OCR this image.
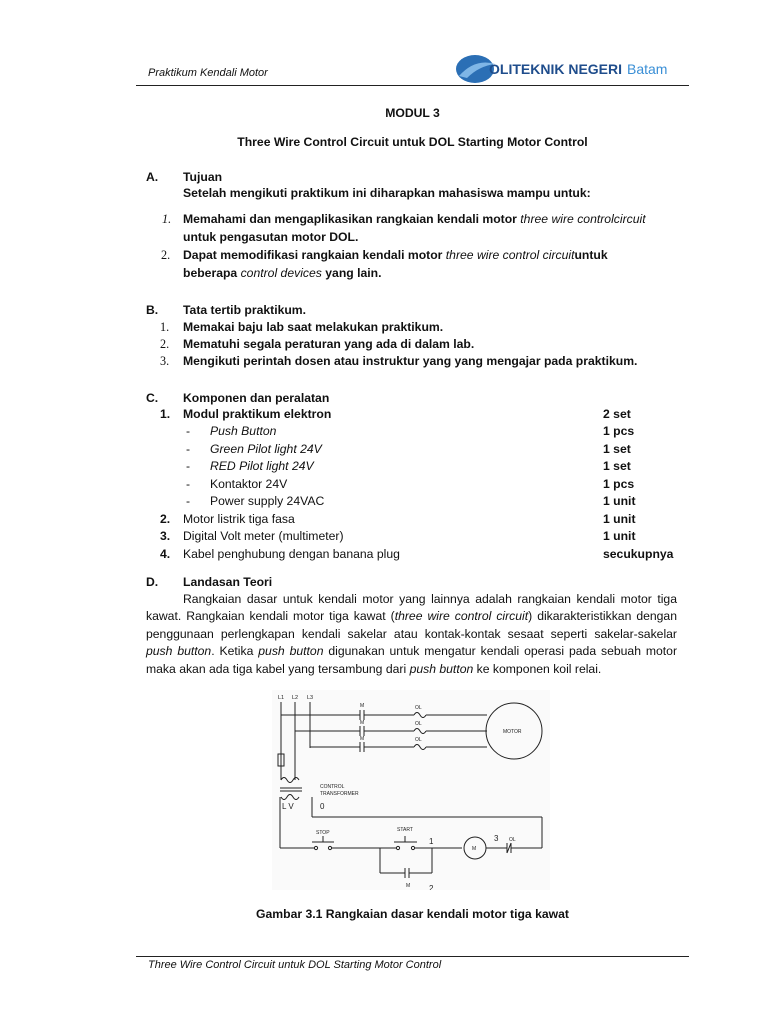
Praktikum Kendali Motor	OLITEKNIK NEGERI Batam
MODUL 3
Three Wire Control Circuit untuk DOL Starting Motor Control
A. Tujuan
Setelah mengikuti praktikum ini diharapkan mahasiswa mampu untuk:
1. Memahami dan mengaplikasikan rangkaian kendali motor three wire controlcircuit
untuk pengasutan motor DOL.
2. Dapat memodifikasi rangkaian kendali motor three wire control circuituntuk
beberapa control devices yang lain.
B. Tata tertib praktikum.
1. Memakai baju lab saat melakukan praktikum.
2. Mematuhi segala peraturan yang ada di dalam lab.
3. Mengikuti perintah dosen atau instruktur yang yang mengajar pada praktikum.
C. Komponen dan peralatan
1. Modul praktikum elektron	2 set
- Push Button	1 pcs
- Green Pilot light 24V	1 set
- RED Pilot light 24V	1 set
- Kontaktor 24V	1 pcs
- Power supply 24VAC	1 unit
2. Motor listrik tiga fasa	1 unit
3. Digital Volt meter (multimeter)	1 unit
4. Kabel penghubung dengan banana plug	secukupnya
D. Landasan Teori
Rangkaian dasar untuk kendali motor yang lainnya adalah rangkaian kendali motor tiga kawat. Rangkaian kendali motor tiga kawat (three wire control circuit) dikarakteristikkan dengan penggunaan perlengkapan kendali sakelar atau kontak-kontak sesaat seperti sakelar-sakelar push button. Ketika push button digunakan untuk mengatur kendali operasi pada sebuah motor maka akan ada tiga kabel yang tersambung dari push button ke komponen koil relai.
L1 L2 L3
M
M
M
OL
OL
OL
MOTOR
CONTROL
TRANSFORMER
STOP	START
M
OL
M
L V	0
1
2
3
Gambar 3.1 Rangkaian dasar kendali motor tiga kawat
Three Wire Control Circuit untuk DOL Starting Motor Control
